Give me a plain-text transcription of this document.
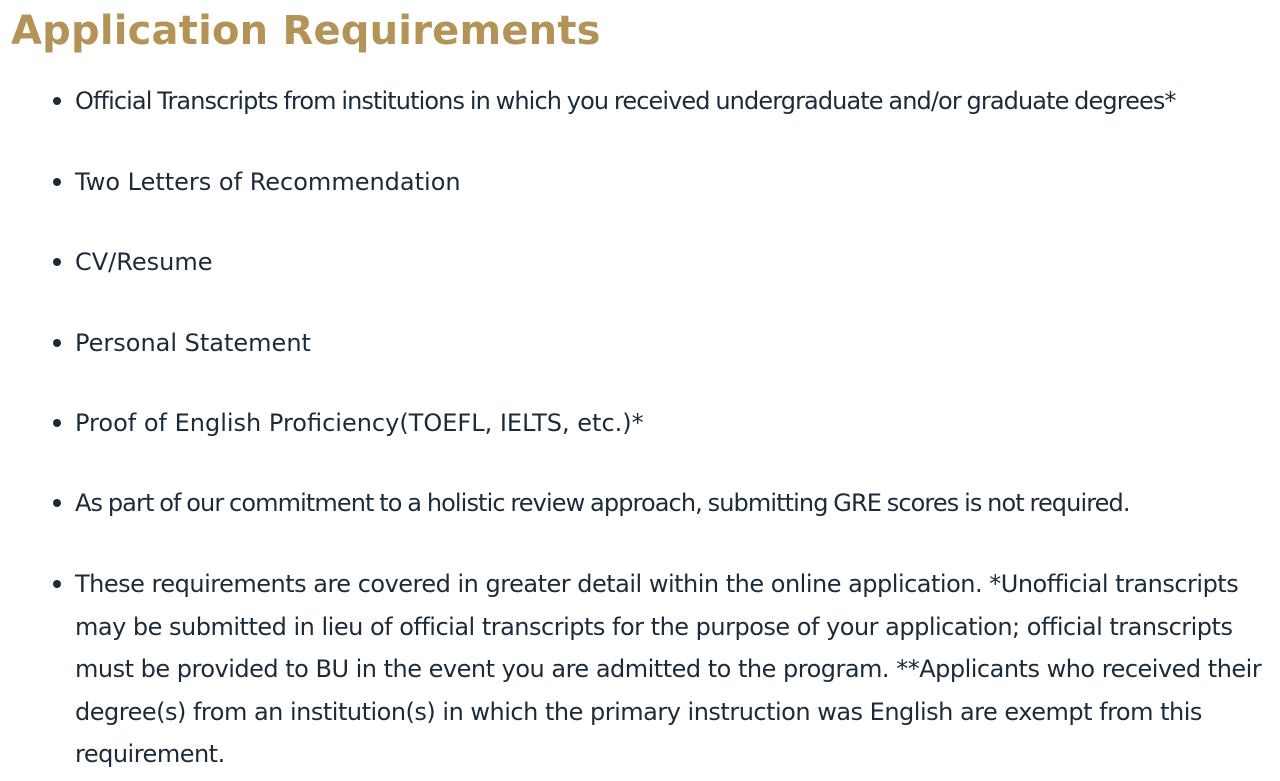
Application Requirements
Official Transcripts from institutions in which you received undergraduate and/or graduate degrees*
Two Letters of Recommendation
CV/Resume
Personal Statement
Proof of English Proficiency(TOEFL, IELTS, etc.)*
As part of our commitment to a holistic review approach, submitting GRE scores is not required.
These requirements are covered in greater detail within the online application. *Unofficial transcripts may be submitted in lieu of official transcripts for the purpose of your application; official transcripts must be provided to BU in the event you are admitted to the program. **Applicants who received their degree(s) from an institution(s) in which the primary instruction was English are exempt from this requirement.
